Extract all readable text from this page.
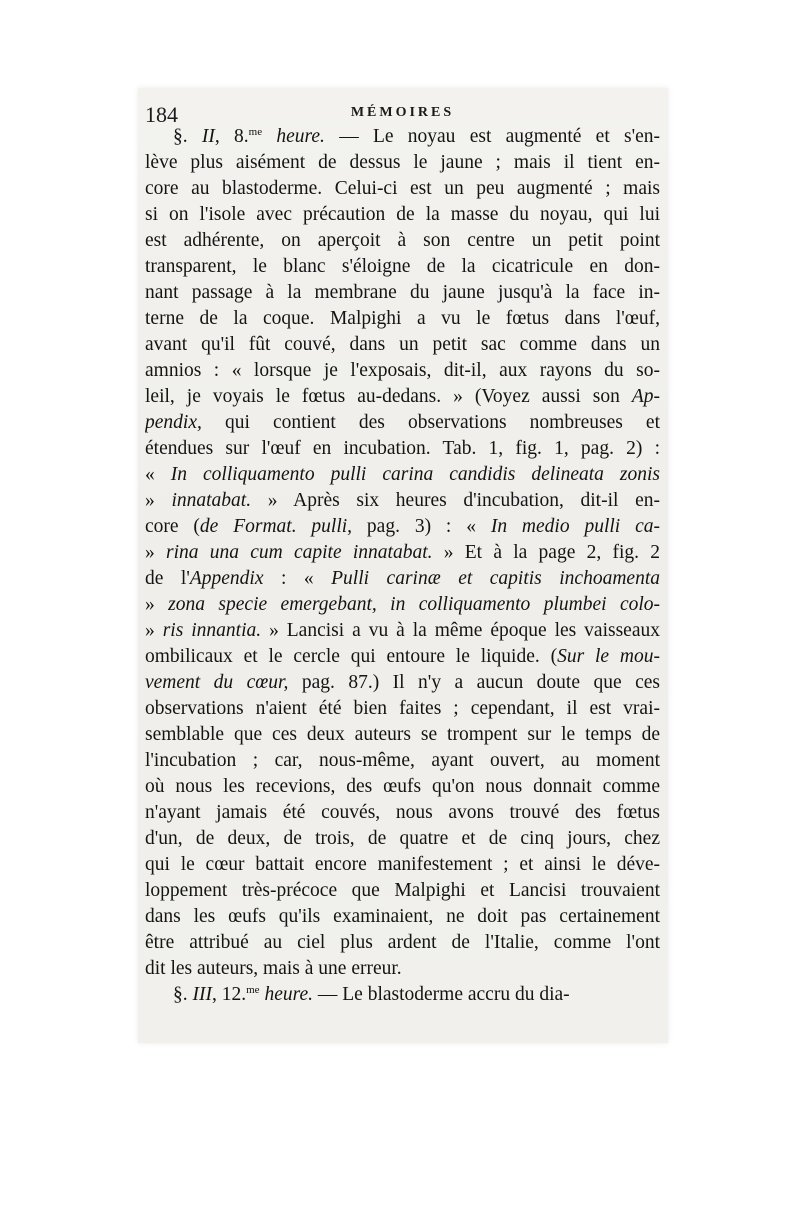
184	MÉMOIRES
§. II, 8.$^{me}$ heure. — Le noyau est augmenté et s'en-
lève plus aisément de dessus le jaune ; mais il tient en-
core au blastoderme. Celui-ci est un peu augmenté ; mais
si on l'isole avec précaution de la masse du noyau, qui lui
est adhérente, on aperçoit à son centre un petit point
transparent, le blanc s'éloigne de la cicatricule en don-
nant passage à la membrane du jaune jusqu'à la face in-
terne de la coque. Malpighi a vu le fœtus dans l'œuf,
avant qu'il fût couvé, dans un petit sac comme dans un
amnios : « lorsque je l'exposais, dit-il, aux rayons du so-
leil, je voyais le fœtus au-dedans. » (Voyez aussi son Ap-
pendix, qui contient des observations nombreuses et
étendues sur l'œuf en incubation. Tab. 1, fig. 1, pag. 2) :
« In colliquamento pulli carina candidis delineata zonis
» innatabat. » Après six heures d'incubation, dit-il en-
core (de Format. pulli, pag. 3) : « In medio pulli ca-
» rina una cum capite innatabat. » Et à la page 2, fig. 2
de l'Appendix : « Pulli carinæ et capitis inchoamenta
» zona specie emergebant, in colliquamento plumbei colo-
» ris innantia. » Lancisi a vu à la même époque les vaisseaux
ombilicaux et le cercle qui entoure le liquide. (Sur le mou-
vement du cœur, pag. 87.) Il n'y a aucun doute que ces
observations n'aient été bien faites ; cependant, il est vrai-
semblable que ces deux auteurs se trompent sur le temps de
l'incubation ; car, nous-même, ayant ouvert, au moment
où nous les recevions, des œufs qu'on nous donnait comme
n'ayant jamais été couvés, nous avons trouvé des fœtus
d'un, de deux, de trois, de quatre et de cinq jours, chez
qui le cœur battait encore manifestement ; et ainsi le déve-
loppement très-précoce que Malpighi et Lancisi trouvaient
dans les œufs qu'ils examinaient, ne doit pas certainement
être attribué au ciel plus ardent de l'Italie, comme l'ont
dit les auteurs, mais à une erreur.
§. III, 12.$^{me}$ heure. — Le blastoderme accru du dia-
